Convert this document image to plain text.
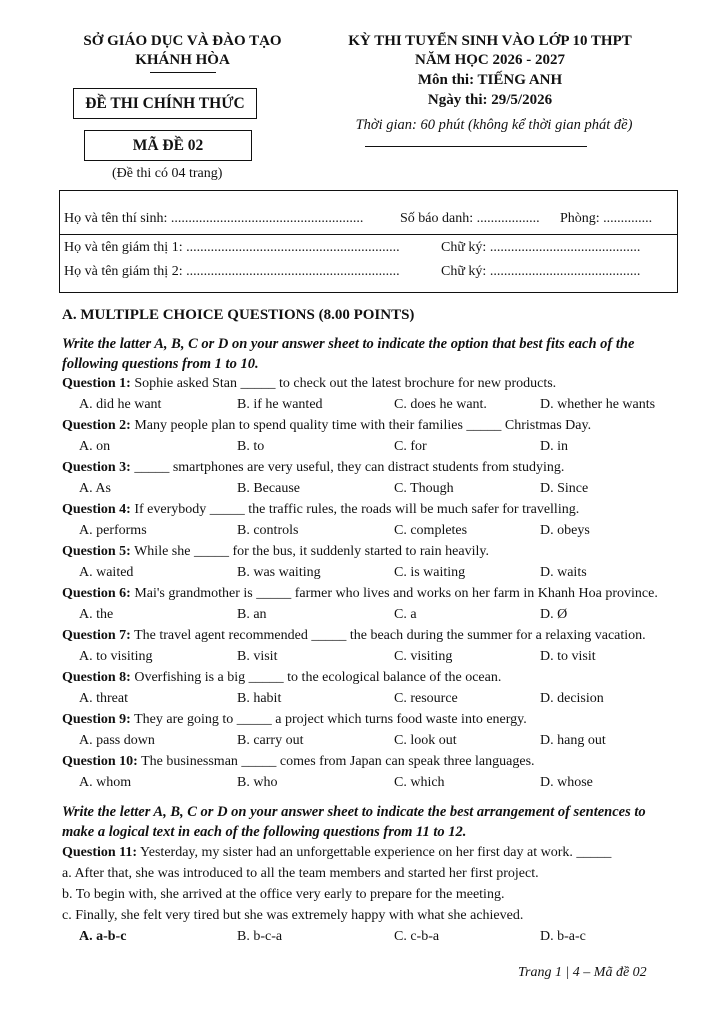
SỞ GIÁO DỤC VÀ ĐÀO TẠO
KHÁNH HÒA
ĐỀ THI CHÍNH THỨC
MÃ ĐỀ 02
(Đề thi có 04 trang)
KỲ THI TUYỂN SINH VÀO LỚP 10 THPT
NĂM HỌC 2026 - 2027
Môn thi: TIẾNG ANH
Ngày thi: 29/5/2026
Thời gian: 60 phút (không kể thời gian phát đề)
Họ và tên thí sinh: .......................................................	Số báo danh: .................. Phòng: ..............
Họ và tên giám thị 1: .............................................................	Chữ ký: ...........................................
Họ và tên giám thị 2: .............................................................	Chữ ký: ...........................................
A. MULTIPLE CHOICE QUESTIONS (8.00 POINTS)
Write the latter A, B, C or D on your answer sheet to indicate the option that best fits each of the following questions from 1 to 10.
Question 1: Sophie asked Stan _____ to check out the latest brochure for new products.
A. did he want	B. if he wanted	C. does he want.	D. whether he wants
Question 2: Many people plan to spend quality time with their families _____ Christmas Day.
A. on	B. to	C. for	D. in
Question 3: _____ smartphones are very useful, they can distract students from studying.
A. As	B. Because	C. Though	D. Since
Question 4: If everybody _____ the traffic rules, the roads will be much safer for travelling.
A. performs	B. controls	C. completes	D. obeys
Question 5: While she _____ for the bus, it suddenly started to rain heavily.
A. waited	B. was waiting	C. is waiting	D. waits
Question 6: Mai's grandmother is _____ farmer who lives and works on her farm in Khanh Hoa province.
A. the	B. an	C. a	D. Ø
Question 7: The travel agent recommended _____ the beach during the summer for a relaxing vacation.
A. to visiting	B. visit	C. visiting	D. to visit
Question 8: Overfishing is a big _____ to the ecological balance of the ocean.
A. threat	B. habit	C. resource	D. decision
Question 9: They are going to _____ a project which turns food waste into energy.
A. pass down	B. carry out	C. look out	D. hang out
Question 10: The businessman _____ comes from Japan can speak three languages.
A. whom	B. who	C. which	D. whose
Write the letter A, B, C or D on your answer sheet to indicate the best arrangement of sentences to make a logical text in each of the following questions from 11 to 12.
Question 11: Yesterday, my sister had an unforgettable experience on her first day at work. _____
a. After that, she was introduced to all the team members and started her first project.
b. To begin with, she arrived at the office very early to prepare for the meeting.
c. Finally, she felt very tired but she was extremely happy with what she achieved.
A. a-b-c	B. b-c-a	C. c-b-a	D. b-a-c
Trang 1 | 4 – Mã đề 02
